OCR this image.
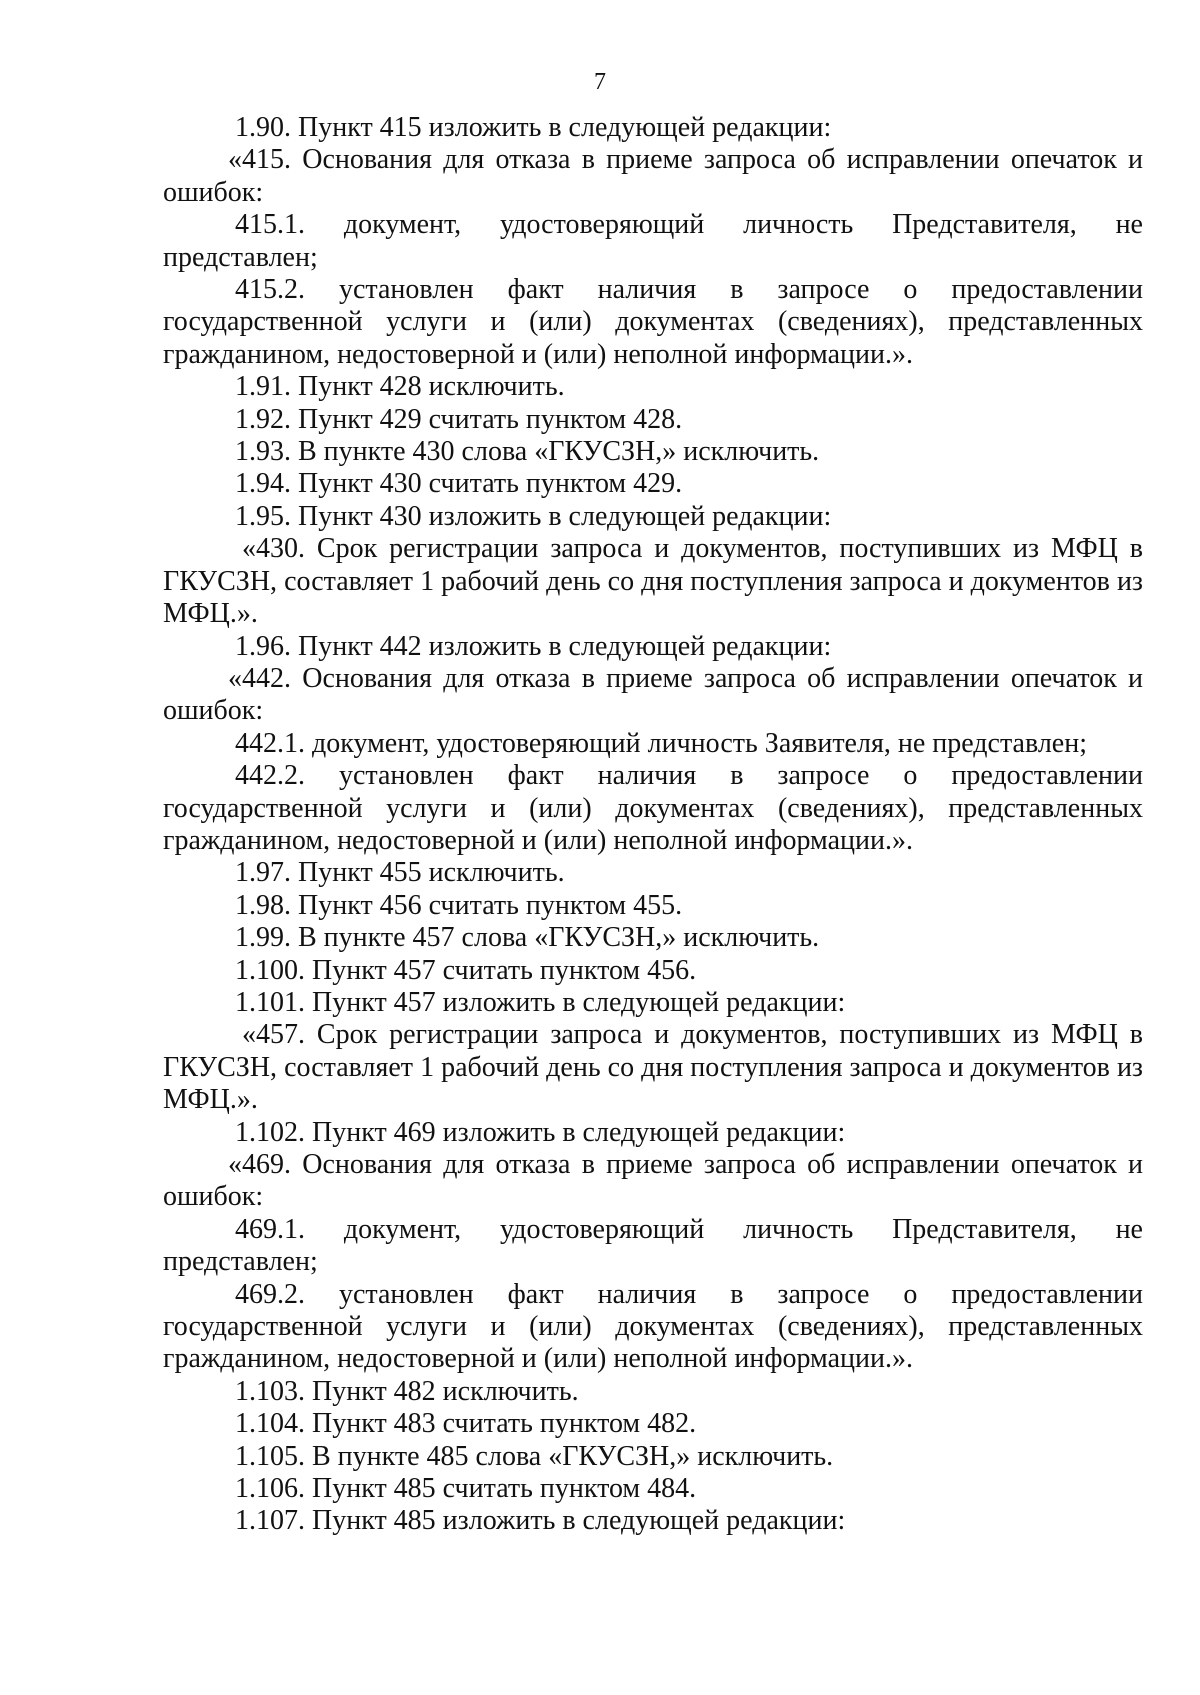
7

1.90. Пункт 415 изложить в следующей редакции:

«415. Основания для отказа в приеме запроса об исправлении опечаток и ошибок:

415.1. документ, удостоверяющий личность Представителя, не представлен;

415.2. установлен факт наличия в запросе о предоставлении государственной услуги и (или) документах (сведениях), представленных гражданином, недостоверной и (или) неполной информации.».

1.91. Пункт 428 исключить.

1.92. Пункт 429 считать пунктом 428.

1.93. В пункте 430 слова «ГКУСЗН,» исключить.

1.94. Пункт 430 считать пунктом 429.

1.95. Пункт 430 изложить в следующей редакции:

«430. Срок регистрации запроса и документов, поступивших из МФЦ в ГКУСЗН, составляет 1 рабочий день со дня поступления запроса и документов из МФЦ.».

1.96. Пункт 442 изложить в следующей редакции:

«442. Основания для отказа в приеме запроса об исправлении опечаток и ошибок:

442.1. документ, удостоверяющий личность Заявителя, не представлен;

442.2. установлен факт наличия в запросе о предоставлении государственной услуги и (или) документах (сведениях), представленных гражданином, недостоверной и (или) неполной информации.».

1.97. Пункт 455 исключить.

1.98. Пункт 456 считать пунктом 455.

1.99. В пункте 457 слова «ГКУСЗН,» исключить.

1.100. Пункт 457 считать пунктом 456.

1.101. Пункт 457 изложить в следующей редакции:

«457. Срок регистрации запроса и документов, поступивших из МФЦ в ГКУСЗН, составляет 1 рабочий день со дня поступления запроса и документов из МФЦ.».

1.102. Пункт 469 изложить в следующей редакции:

«469. Основания для отказа в приеме запроса об исправлении опечаток и ошибок:

469.1. документ, удостоверяющий личность Представителя, не представлен;

469.2. установлен факт наличия в запросе о предоставлении государственной услуги и (или) документах (сведениях), представленных гражданином, недостоверной и (или) неполной информации.».

1.103. Пункт 482 исключить.

1.104. Пункт 483 считать пунктом 482.

1.105. В пункте 485 слова «ГКУСЗН,» исключить.

1.106. Пункт 485 считать пунктом 484.

1.107. Пункт 485 изложить в следующей редакции:
